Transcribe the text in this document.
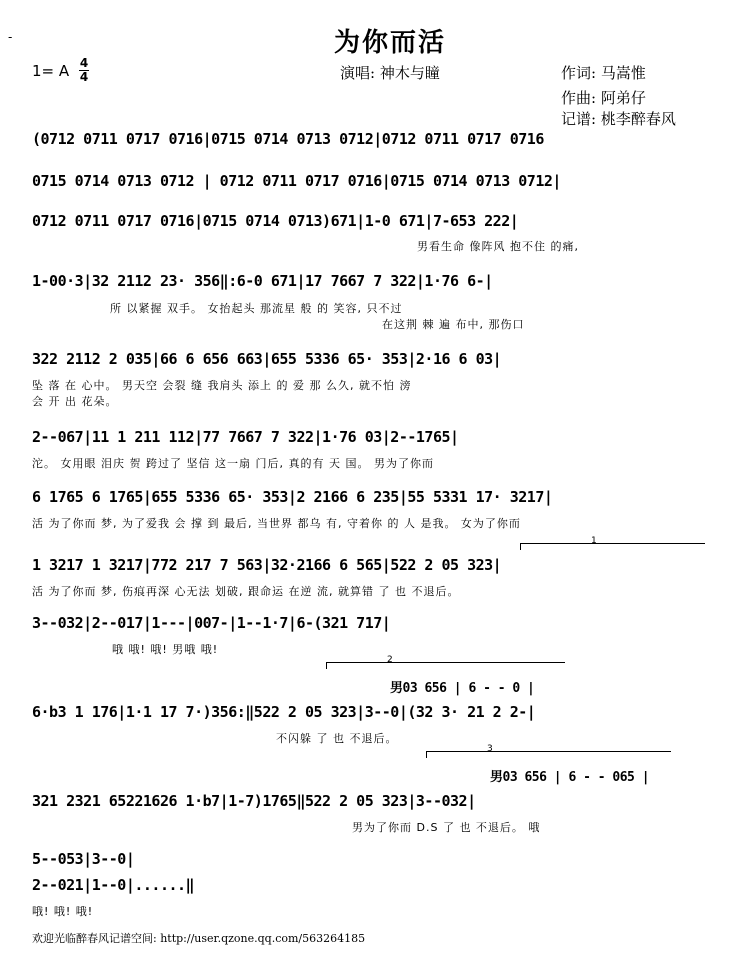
-	为你而活
1= A 4
4	演唱: 神木与瞳	作词: 马嵩惟
作曲: 阿弟仔
记谱: 桃李醉春风
1
2
3
男03 656 | 6 - - 0 |
男03 656 | 6 - - 065 |
(0712 0711 0717 0716|0715 0714 0713 0712|0712 0711 0717 0716
0715 0714 0713 0712 | 0712 0711 0717 0716|0715 0714 0713 0712|
0712 0711 0717 0716|0715 0714 0713)671|1-0 671|7-653 222|
男看生命 像阵风 抱不住 的痛,
1-00·3|32 2112 23· 356‖:6-0 671|17 7667 7 322|1·76 6-|
所 以紧握 双手。 女抬起头 那流星 般 的 笑容, 只不过
在这荆 棘 遍 布中, 那伤口
322 2112 2 035|66 6 656 663|655 5336 65· 353|2·16 6 03|
坠 落 在 心中。 男天空 会裂 缝 我肩头 添上 的 爱 那 么久, 就不怕 滂
会 开 出 花朵。
2--067|11 1 211 112|77 7667 7 322|1·76 03|2--1765|
沱。 女用眼 泪庆 贺 跨过了 坚信 这一扇 门后, 真的有 天 国。 男为了你而
6 1765 6 1765|655 5336 65· 353|2 2166 6 235|55 5331 17· 3217|
活 为了你而 梦, 为了爱我 会 撑 到 最后, 当世界 都乌 有, 守着你 的 人 是我。 女为了你而
1 3217 1 3217|772 217 7 563|32·2166 6 565|522 2 05 323|
活 为了你而 梦, 伤痕再深 心无法 划破, 跟命运 在逆 流, 就算错 了 也 不退后。
3--032|2--017|1---|007-|1--1·7|6-(321 717|
哦 哦! 哦! 男哦 哦!
6·b3 1 176|1·1 17 7·)356:‖522 2 05 323|3--0|(32 3· 21 2 2-|
不闪躲 了 也 不退后。
321 2321 65221626 1·b7|1-7)1765‖522 2 05 323|3--032|
男为了你而 D.S 了 也 不退后。 哦
5--053|3--0|
2--021|1--0|......‖
哦! 哦! 哦!
欢迎光临醉春风记谱空间: http://user.qzone.qq.com/563264185
